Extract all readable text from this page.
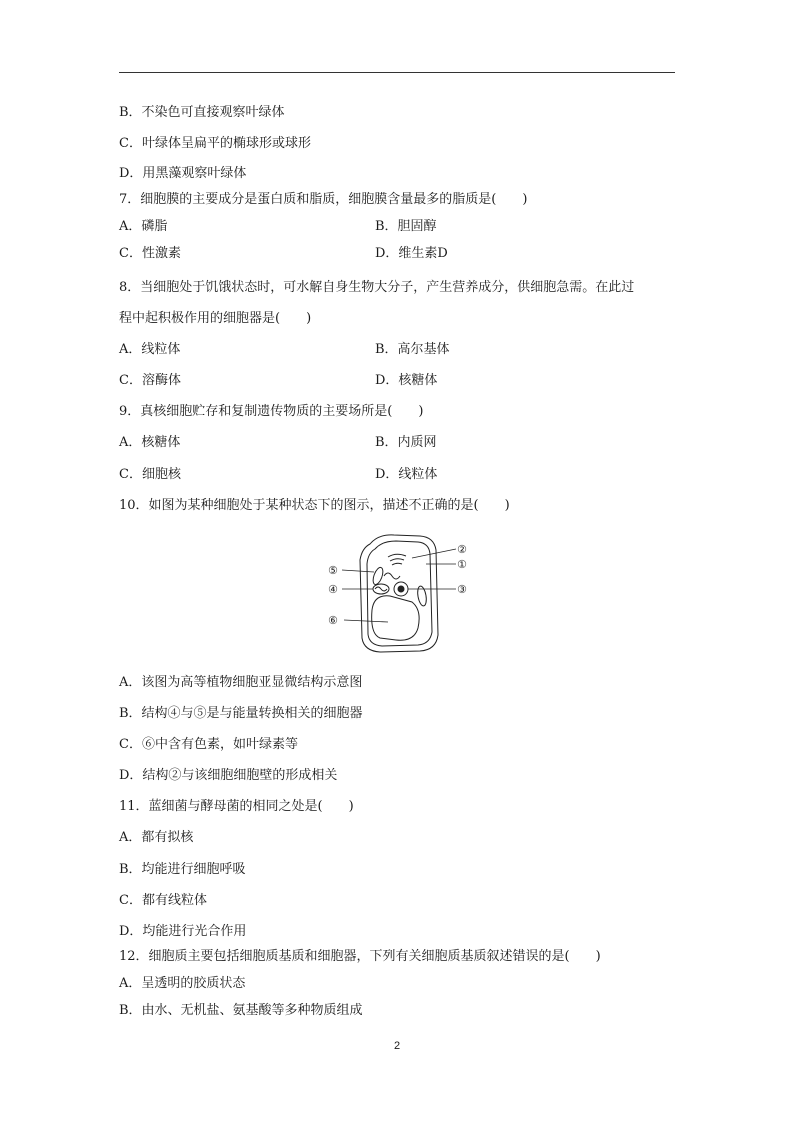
B．不染色可直接观察叶绿体
C．叶绿体呈扁平的椭球形或球形
D．用黑藻观察叶绿体
7．细胞膜的主要成分是蛋白质和脂质，细胞膜含量最多的脂质是(　　)
A．磷脂	B．胆固醇
C．性激素	D．维生素D
8．当细胞处于饥饿状态时，可水解自身生物大分子，产生营养成分，供细胞急需。在此过
程中起积极作用的细胞器是(　　)
A．线粒体	B．高尔基体
C．溶酶体	D．核糖体
9．真核细胞贮存和复制遗传物质的主要场所是(　　)
A．核糖体	B．内质网
C．细胞核	D．线粒体
10．如图为某种细胞处于某种状态下的图示，描述不正确的是(　　)
②
①
③
⑤
④
⑥
A．该图为高等植物细胞亚显微结构示意图
B．结构④与⑤是与能量转换相关的细胞器
C．⑥中含有色素，如叶绿素等
D．结构②与该细胞细胞壁的形成相关
11．蓝细菌与酵母菌的相同之处是(　　)
A．都有拟核
B．均能进行细胞呼吸
C．都有线粒体
D．均能进行光合作用
12．细胞质主要包括细胞质基质和细胞器，下列有关细胞质基质叙述错误的是(　　)
A．呈透明的胶质状态
B．由水、无机盐、氨基酸等多种物质组成
2
